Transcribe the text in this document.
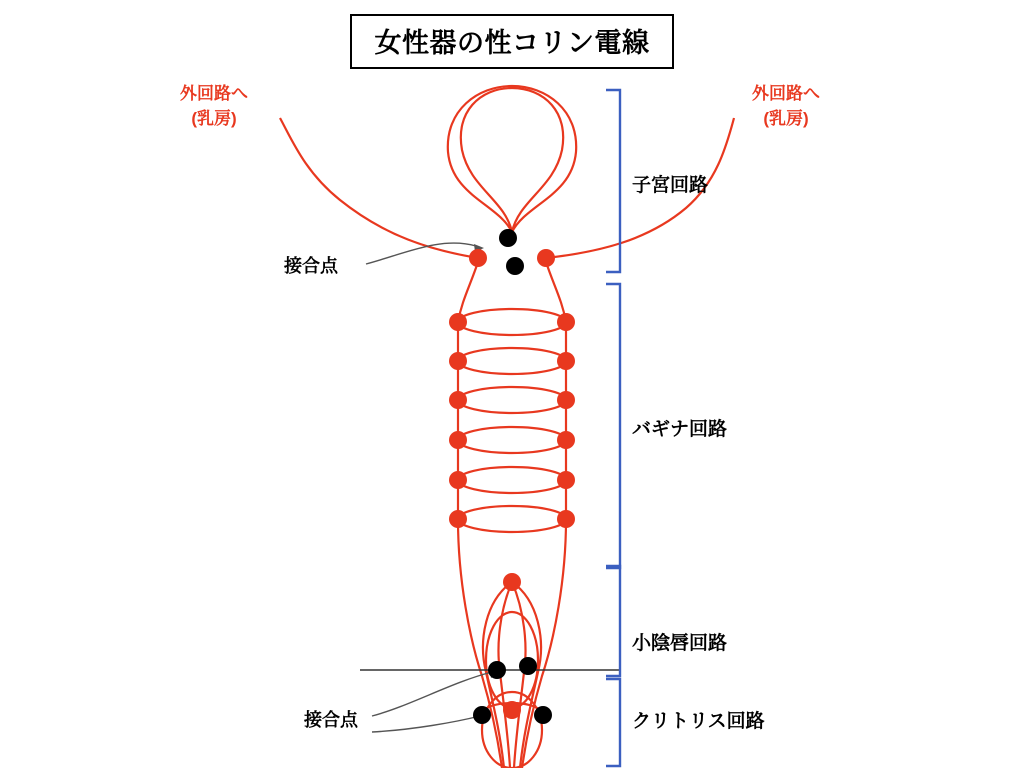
女性器の性コリン電線
外回路へ
(乳房)
外回路へ
(乳房)
接合点
接合点
子宮回路
バギナ回路
小陰唇回路
クリトリス回路
